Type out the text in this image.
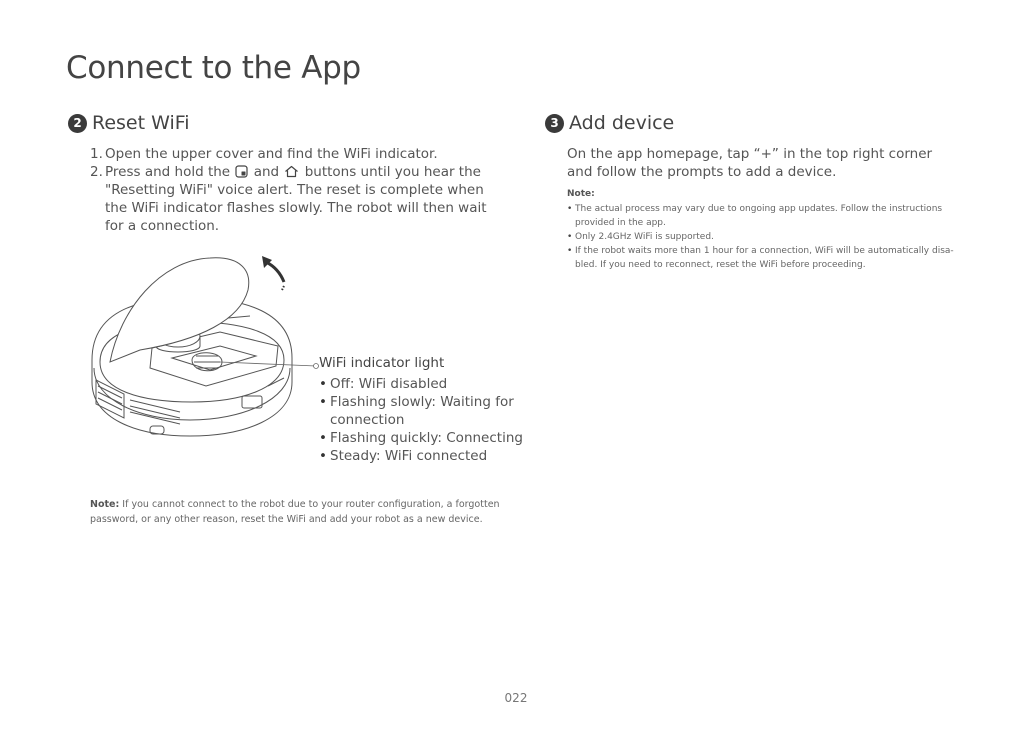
Connect to the App
2 Reset WiFi
1. Open the upper cover and find the WiFi indicator.
2. Press and hold the and buttons until you hear the "Resetting WiFi" voice alert. The reset is complete when the WiFi indicator flashes slowly. The robot will then wait for a connection.
WiFi indicator light
• Off: WiFi disabled
• Flashing slowly: Waiting for connection
• Flashing quickly: Connecting
• Steady: WiFi connected
Note: If you cannot connect to the robot due to your router configuration, a forgotten password, or any other reason, reset the WiFi and add your robot as a new device.
3 Add device

On the app homepage, tap “+” in the top right corner and follow the prompts to add a device.

Note:
• The actual process may vary due to ongoing app updates. Follow the instructions provided in the app.
• Only 2.4GHz WiFi is supported.
• If the robot waits more than 1 hour for a connection, WiFi will be automatically disa-bled. If you need to reconnect, reset the WiFi before proceeding.
022
